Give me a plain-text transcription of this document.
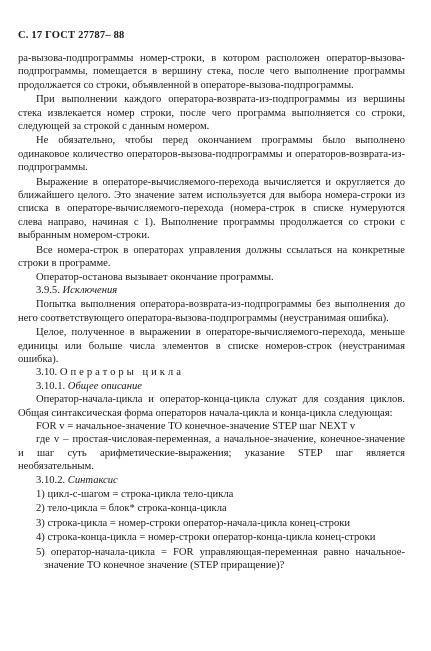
С. 17 ГОСТ 27787– 88

ра-вызова-подпрограммы номер-строки, в котором расположен оператор-вызова-подпрограммы, помещается в вершину стека, после чего выполнение программы продолжается со строки, объявленной в операторе-вызова-подпрограммы.

При выполнении каждого оператора-возврата-из-подпрограммы из вершины стека извлекается номер строки, после чего программа выполняется со строки, следующей за строкой с данным номером.

Не обязательно, чтобы перед окончанием программы было выполнено одинаковое количество операторов-вызова-подпрограммы и операторов-возврата-из-подпрограммы.

Выражение в операторе-вычисляемого-перехода вычисляется и округляется до ближайшего целого. Это значение затем используется для выбора номера-строки из списка в операторе-вычисляемого-перехода (номера-строк в списке нумеруются слева направо, начиная с 1). Выполнение программы продолжается со строки с выбранным номером-строки.

Все номера-строк в операторах управления должны ссылаться на конкретные строки в программе.

Оператор-останова вызывает окончание программы.

3.9.5. Исключения

Попытка выполнения оператора-возврата-из-подпрограммы без выполнения до него соответствующего оператора-вызова-подпрограммы (неустранимая ошибка).

Целое, полученное в выражении в операторе-вычисляемого-перехода, меньше единицы или больше числа элементов в списке номеров-строк (неустранимая ошибка).

3.10. Операторы цикла

3.10.1. Общее описание

Оператор-начала-цикла и оператор-конца-цикла служат для создания циклов. Общая синтаксическая форма операторов начала-цикла и конца-цикла следующая:

FOR v = начальное-значение TO конечное-значение STEP шаг NEXT v

где v – простая-числовая-переменная, а начальное-значение, конечное-значение и шаг суть арифметические-выражения; указание STEP шаг является необязательным.

3.10.2. Синтаксис

1) цикл-с-шагом = строка-цикла тело-цикла

2) тело-цикла = блок* строка-конца-цикла

3) строка-цикла = номер-строки оператор-начала-цикла конец-строки

4) строка-конца-цикла = номер-строки оператор-конца-цикла конец-строки

5) оператор-начала-цикла = FOR управляющая-переменная равно начальное-значение TO конечное значение (STEP приращение)?
